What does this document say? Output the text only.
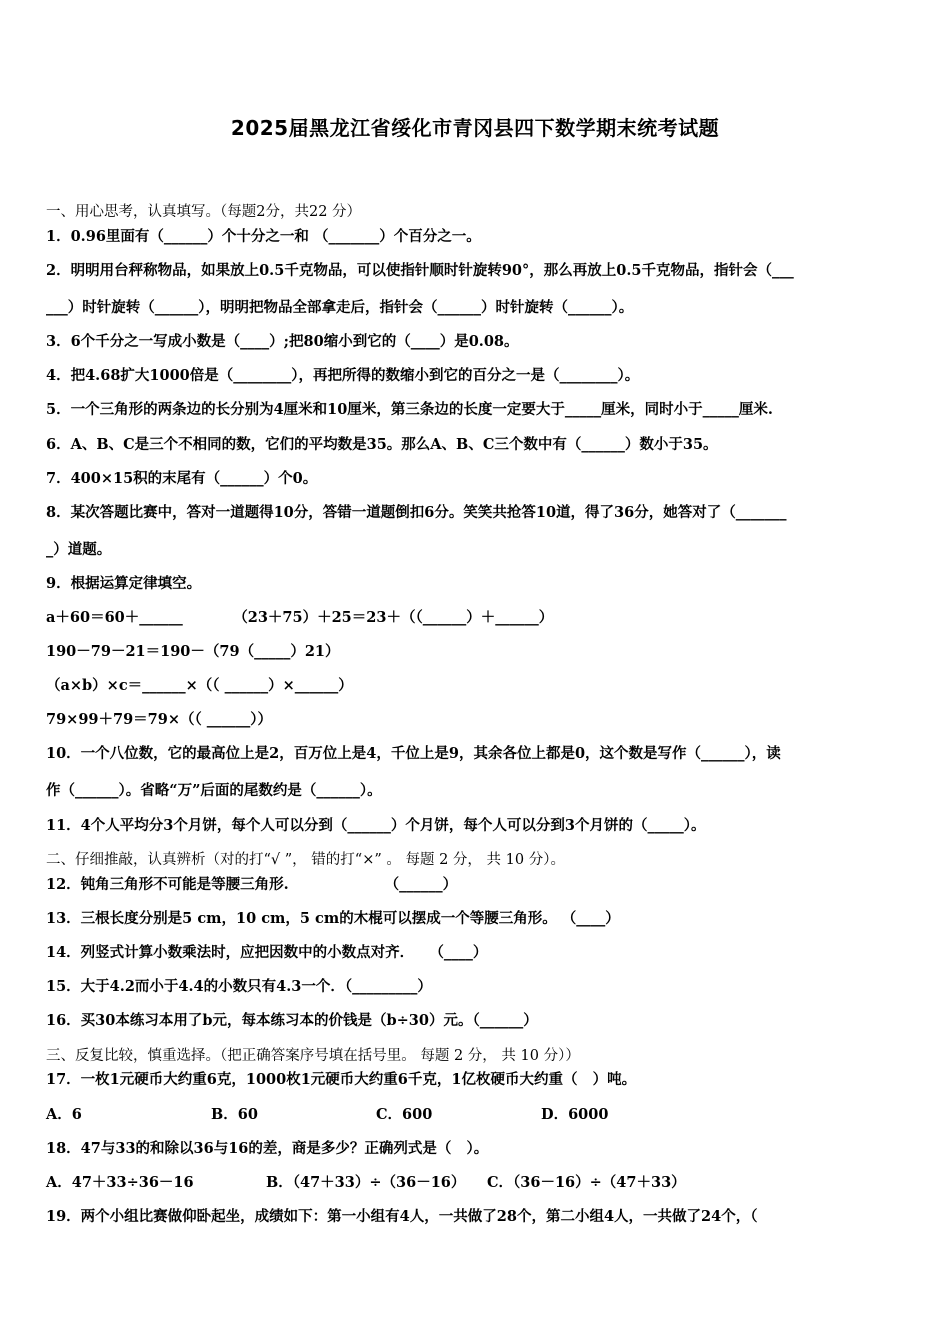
2025届黑龙江省绥化市青冈县四下数学期末统考试题
一、用心思考，认真填写。（每题2分，共22 分）
1．0.96里面有（______）个十分之一和 （_______）个百分之一。
2．明明用台秤称物品，如果放上0.5千克物品，可以使指针顺时针旋转90°，那么再放上0.5千克物品，指针会（___
___）时针旋转（______），明明把物品全部拿走后，指针会（______）时针旋转（______）。
3．6个千分之一写成小数是（____）;把80缩小到它的（____）是0.08。
4．把4.68扩大1000倍是（________），再把所得的数缩小到它的百分之一是（________）。
5．一个三角形的两条边的长分别为4厘米和10厘米，第三条边的长度一定要大于_____厘米，同时小于_____厘米.
6．A、B、C是三个不相同的数，它们的平均数是35。那么A、B、C三个数中有（______）数小于35。
7．400×15积的末尾有（______）个0。
8．某次答题比赛中，答对一道题得10分，答错一道题倒扣6分。笑笑共抢答10道，得了36分，她答对了（_______
_）道题。
9．根据运算定律填空。
a＋60＝60＋______          （23＋75）＋25＝23＋（（______）＋______）
190－79－21＝190－（79（_____）21）
（a×b）×c＝______×（（ ______）×______）
79×99＋79＝79×（（ ______））
10．一个八位数，它的最高位上是2，百万位上是4，千位上是9，其余各位上都是0，这个数是写作（______），读
作（______）。省略“万”后面的尾数约是（______）。
11．4个人平均分3个月饼，每个人可以分到（______）个月饼，每个人可以分到3个月饼的（_____）。
二、仔细推敲，认真辨析（对的打“√ ”， 错的打“×” 。 每题 2 分， 共 10 分）。
12．钝角三角形不可能是等腰三角形.                   （______）
13．三根长度分别是5 cm，10 cm，5 cm的木棍可以摆成一个等腰三角形。 （____）
14．列竖式计算小数乘法时，应把因数中的小数点对齐．   （____）
15．大于4.2而小于4.4的小数只有4.3一个．（_________）
16．买30本练习本用了b元，每本练习本的价钱是（b÷30）元。（______）
三、反复比较，慎重选择。（把正确答案序号填在括号里。 每题 2 分， 共 10 分））
17．一枚1元硬币大约重6克，1000枚1元硬币大约重6千克，1亿枚硬币大约重（   ）吨。
A．6	B．60	C．600	D．6000
18．47与33的和除以36与16的差，商是多少？正确列式是（   ）。
A．47＋33÷36－16	B．（47＋33）÷（36－16） C．（36－16）÷（47＋33）
19．两个小组比赛做仰卧起坐，成绩如下：第一小组有4人，一共做了28个，第二小组4人，一共做了24个，（
